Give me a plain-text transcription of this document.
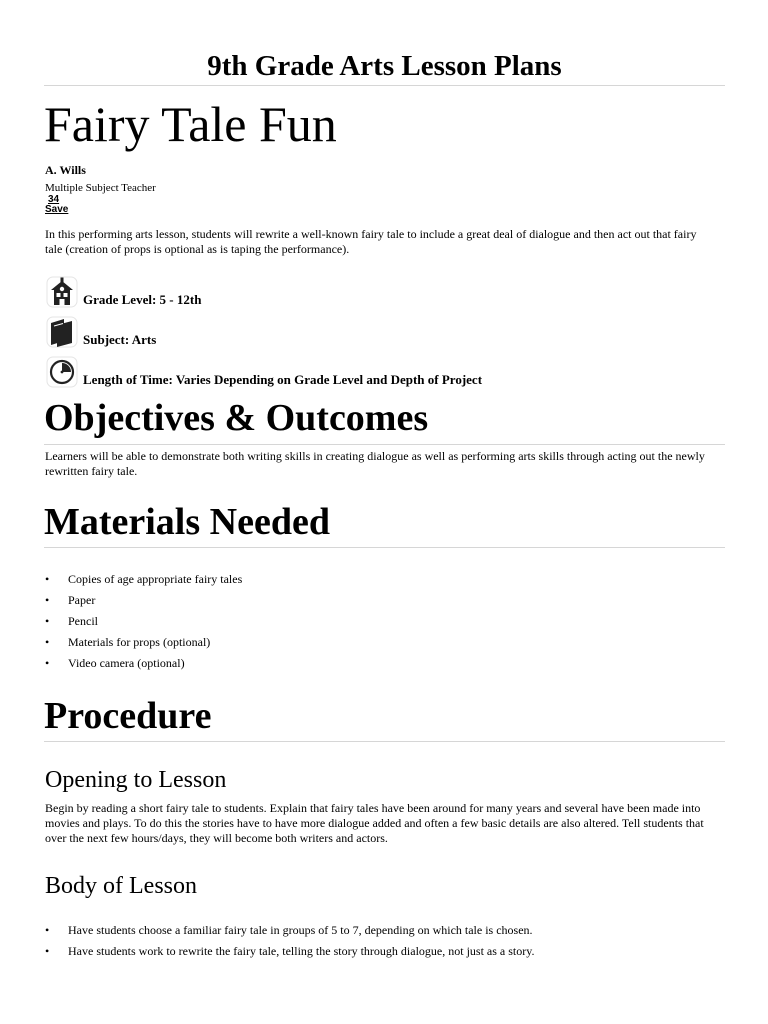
9th Grade Arts Lesson Plans
Fairy Tale Fun
A. Wills
Multiple Subject Teacher
34
Save

In this performing arts lesson, students will rewrite a well-known fairy tale to include a great deal of dialogue and then act out that fairy tale (creation of props is optional as is taping the performance).

Grade Level: 5 - 12th
Subject: Arts
Length of Time: Varies Depending on Grade Level and Depth of Project
Objectives & Outcomes

Learners will be able to demonstrate both writing skills in creating dialogue as well as performing arts skills through acting out the newly rewritten fairy tale.

Materials Needed
• Copies of age appropriate fairy tales
• Paper
• Pencil
• Materials for props (optional)
• Video camera (optional)
Procedure
Opening to Lesson

Begin by reading a short fairy tale to students. Explain that fairy tales have been around for many years and several have been made into movies and plays. To do this the stories have to have more dialogue added and often a few basic details are also altered. Tell students that over the next few hours/days, they will become both writers and actors.

Body of Lesson
• Have students choose a familiar fairy tale in groups of 5 to 7, depending on which tale is chosen.
• Have students work to rewrite the fairy tale, telling the story through dialogue, not just as a story.
